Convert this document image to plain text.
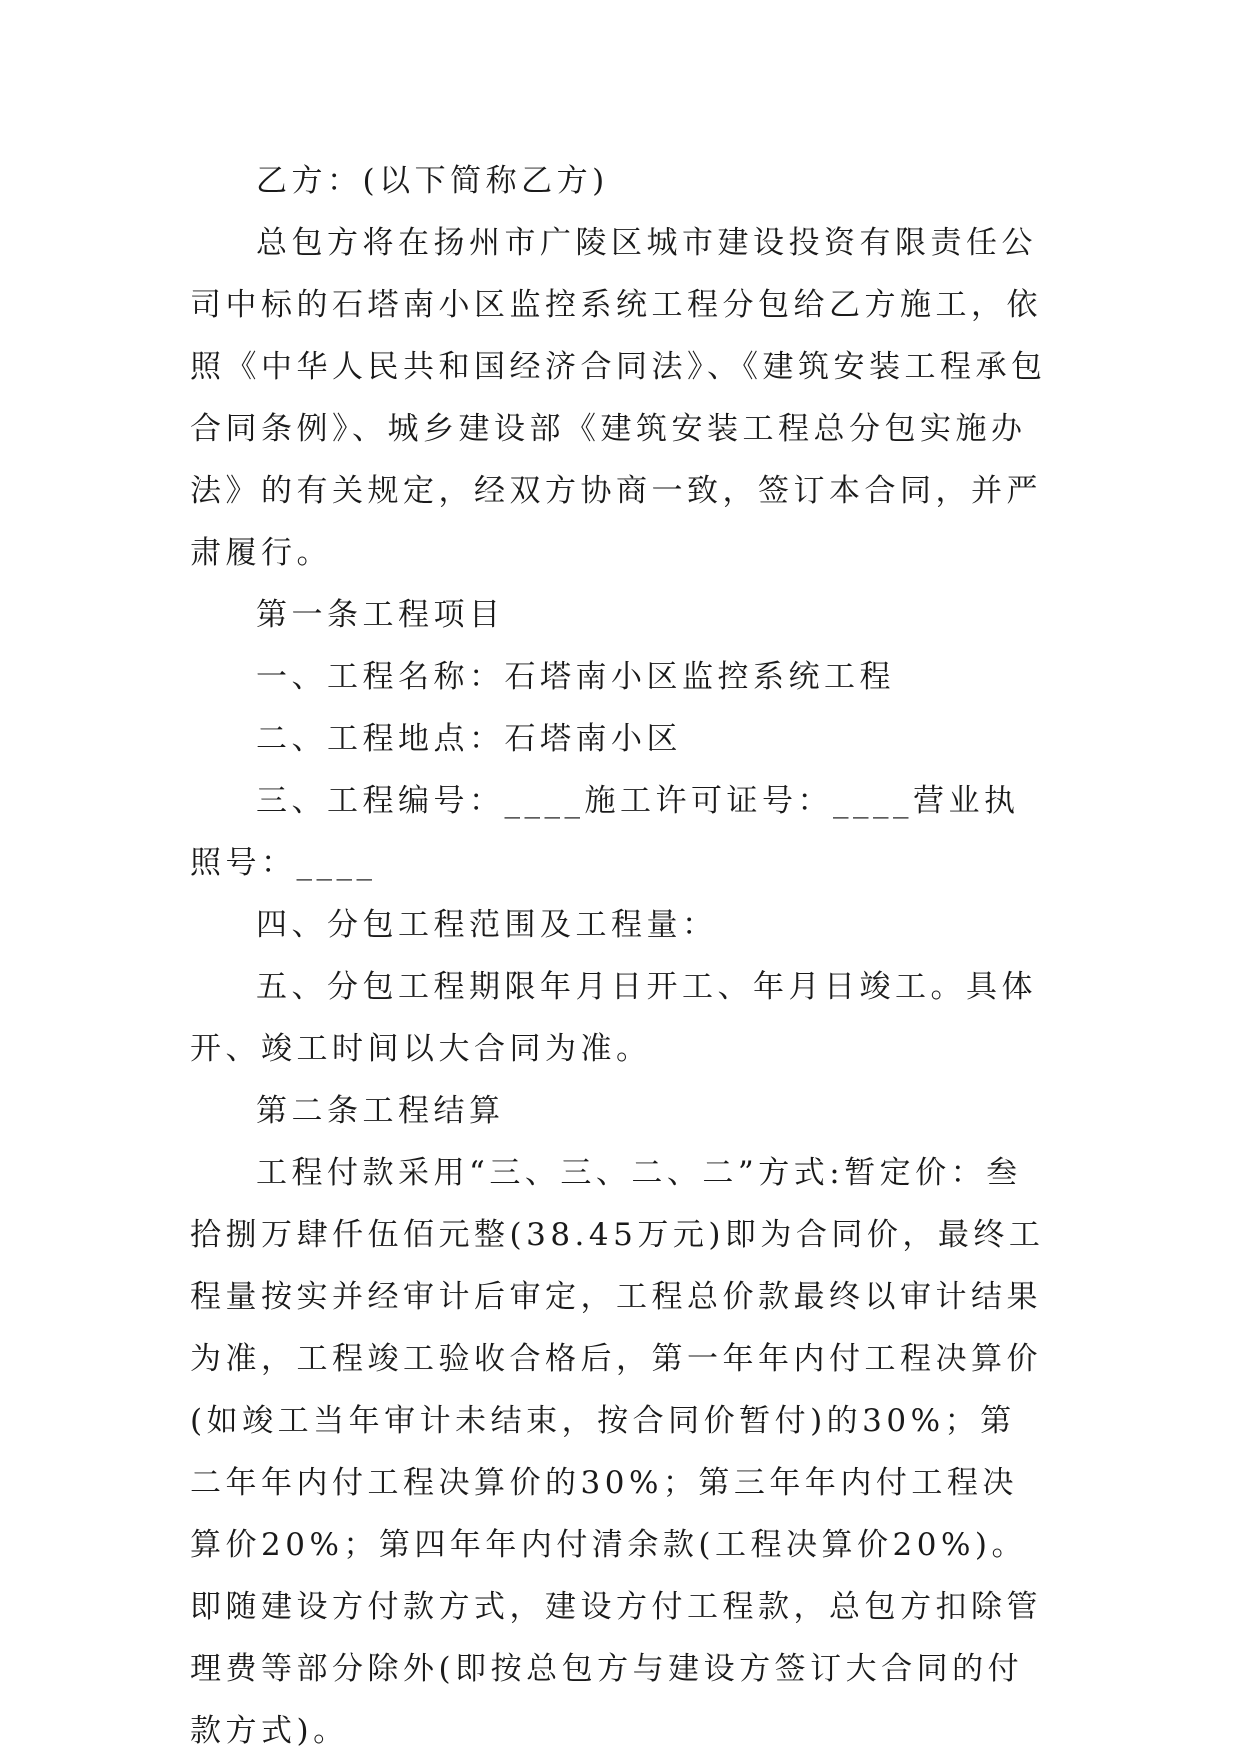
乙方：(以下简称乙方)

总包方将在扬州市广陵区城市建设投资有限责任公司中标的石塔南小区监控系统工程分包给乙方施工，依照《中华人民共和国经济合同法》、《建筑安装工程承包合同条例》、城乡建设部《建筑安装工程总分包实施办法》的有关规定，经双方协商一致，签订本合同，并严肃履行。

第一条工程项目

一、工程名称：石塔南小区监控系统工程

二、工程地点：石塔南小区

三、工程编号：____施工许可证号：____营业执照号：____

四、分包工程范围及工程量：

五、分包工程期限年月日开工、年月日竣工。具体开、竣工时间以大合同为准。

第二条工程结算

工程付款采用“三、三、二、二”方式:暂定价：叁拾捌万肆仟伍佰元整(38.45万元)即为合同价，最终工程量按实并经审计后审定，工程总价款最终以审计结果为准，工程竣工验收合格后，第一年年内付工程决算价(如竣工当年审计未结束，按合同价暂付)的30%；第二年年内付工程决算价的30%；第三年年内付工程决算价20%；第四年年内付清余款(工程决算价20%)。即随建设方付款方式，建设方付工程款，总包方扣除管理费等部分除外(即按总包方与建设方签订大合同的付款方式)。
